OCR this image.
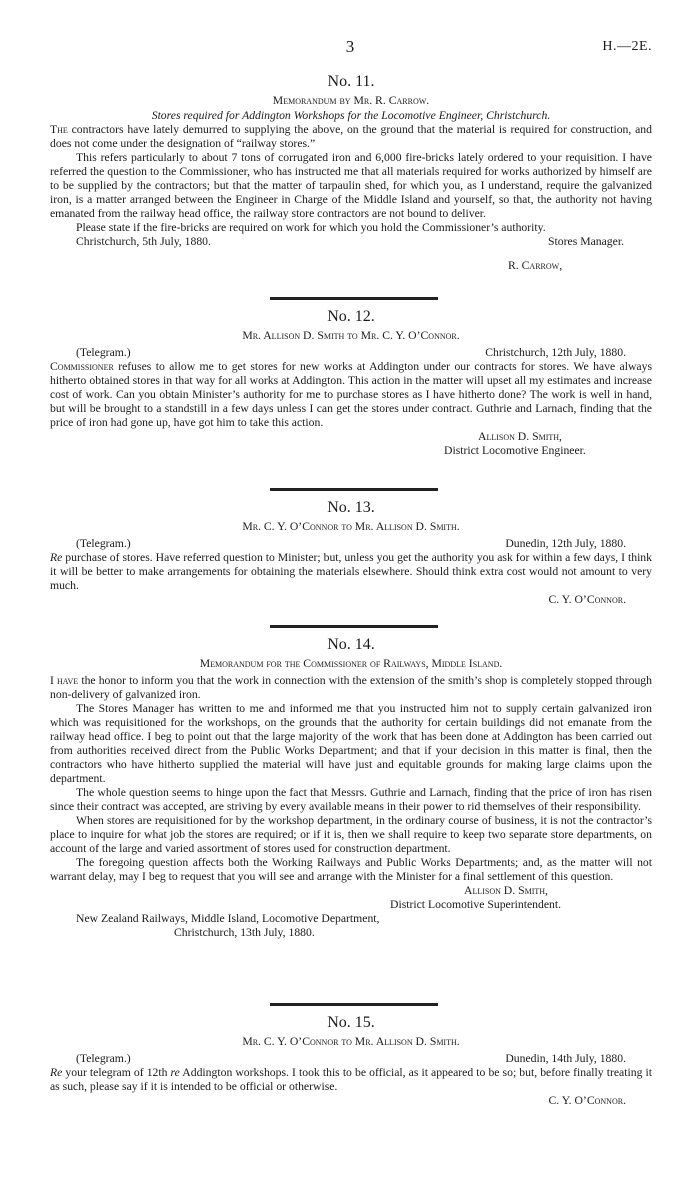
3	H.—2E.
No. 11.
Memorandum by Mr. R. Carrow.
Stores required for Addington Workshops for the Locomotive Engineer, Christchurch.

The contractors have lately demurred to supplying the above, on the ground that the material is required for construction, and does not come under the designation of “railway stores.”

This refers particularly to about 7 tons of corrugated iron and 6,000 fire-bricks lately ordered to your requisition. I have referred the question to the Commissioner, who has instructed me that all materials required for works authorized by himself are to be supplied by the contractors; but that the matter of tarpaulin shed, for which you, as I understand, require the galvanized iron, is a matter arranged between the Engineer in Charge of the Middle Island and yourself, so that, the authority not having emanated from the railway head office, the railway store contractors are not bound to deliver.

Please state if the fire-bricks are required on work for which you hold the Commissioner’s authority.

Christchurch, 5th July, 1880.	Stores Manager.
R. Carrow,
No. 12.
Mr. Allison D. Smith to Mr. C. Y. O’Connor.
(Telegram.)	Christchurch, 12th July, 1880.

Commissioner refuses to allow me to get stores for new works at Addington under our contracts for stores. We have always hitherto obtained stores in that way for all works at Addington. This action in the matter will upset all my estimates and increase cost of work. Can you obtain Minister’s authority for me to purchase stores as I have hitherto done? The work is well in hand, but will be brought to a standstill in a few days unless I can get the stores under contract. Guthrie and Larnach, finding that the price of iron had gone up, have got him to take this action.

Allison D. Smith,
District Locomotive Engineer.
No. 13.
Mr. C. Y. O’Connor to Mr. Allison D. Smith.
(Telegram.)	Dunedin, 12th July, 1880.

Re purchase of stores. Have referred question to Minister; but, unless you get the authority you ask for within a few days, I think it will be better to make arrangements for obtaining the materials elsewhere. Should think extra cost would not amount to very much.

C. Y. O’Connor.
No. 14.
Memorandum for the Commissioner of Railways, Middle Island.

I have the honor to inform you that the work in connection with the extension of the smith’s shop is completely stopped through non-delivery of galvanized iron.

The Stores Manager has written to me and informed me that you instructed him not to supply certain galvanized iron which was requisitioned for the workshops, on the grounds that the authority for certain buildings did not emanate from the railway head office. I beg to point out that the large majority of the work that has been done at Addington has been carried out from authorities received direct from the Public Works Department; and that if your decision in this matter is final, then the contractors who have hitherto supplied the material will have just and equitable grounds for making large claims upon the department.

The whole question seems to hinge upon the fact that Messrs. Guthrie and Larnach, finding that the price of iron has risen since their contract was accepted, are striving by every available means in their power to rid themselves of their responsibility.

When stores are requisitioned for by the workshop department, in the ordinary course of business, it is not the contractor’s place to inquire for what job the stores are required; or if it is, then we shall require to keep two separate store departments, on account of the large and varied assortment of stores used for construction department.

The foregoing question affects both the Working Railways and Public Works Departments; and, as the matter will not warrant delay, may I beg to request that you will see and arrange with the Minister for a final settlement of this question.

Allison D. Smith,
District Locomotive Superintendent.
New Zealand Railways, Middle Island, Locomotive Department,
Christchurch, 13th July, 1880.
No. 15.
Mr. C. Y. O’Connor to Mr. Allison D. Smith.
(Telegram.)	Dunedin, 14th July, 1880.

Re your telegram of 12th re Addington workshops. I took this to be official, as it appeared to be so; but, before finally treating it as such, please say if it is intended to be official or otherwise.

C. Y. O’Connor.
